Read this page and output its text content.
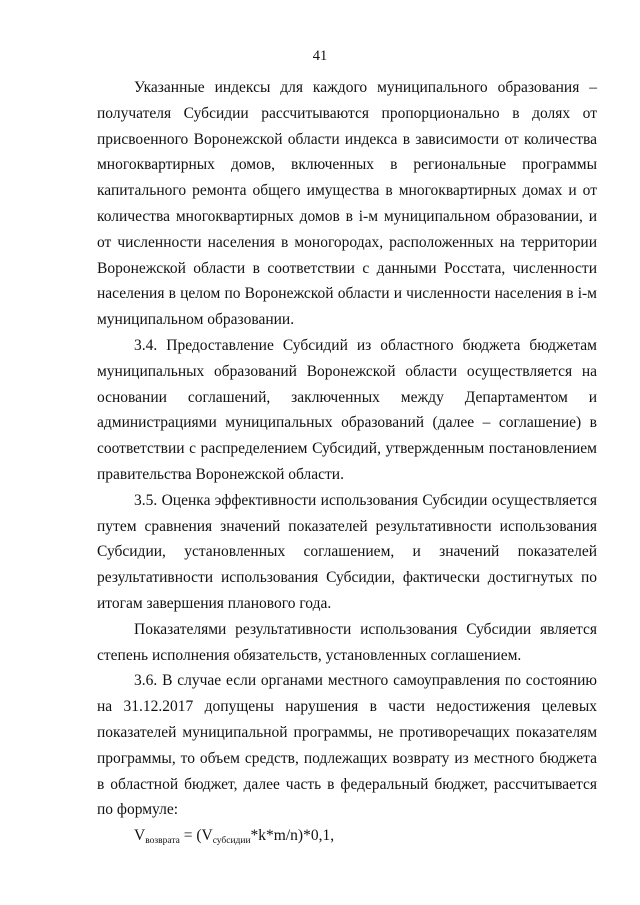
41

Указанные индексы для каждого муниципального образования – получателя Субсидии рассчитываются пропорционально в долях от присвоенного Воронежской области индекса в зависимости от количества многоквартирных домов, включенных в региональные программы капитального ремонта общего имущества в многоквартирных домах и от количества многоквартирных домов в i-м муниципальном образовании, и от численности населения в моногородах, расположенных на территории Воронежской области в соответствии с данными Росстата, численности населения в целом по Воронежской области и численности населения в i-м муниципальном образовании.

3.4. Предоставление Субсидий из областного бюджета бюджетам муниципальных образований Воронежской области осуществляется на основании соглашений, заключенных между Департаментом и администрациями муниципальных образований (далее – соглашение) в соответствии с распределением Субсидий, утвержденным постановлением правительства Воронежской области.

3.5. Оценка эффективности использования Субсидии осуществляется путем сравнения значений показателей результативности использования Субсидии, установленных соглашением, и значений показателей результативности использования Субсидии, фактически достигнутых по итогам завершения планового года.

Показателями результативности использования Субсидии является степень исполнения обязательств, установленных соглашением.

3.6. В случае если органами местного самоуправления по состоянию на 31.12.2017 допущены нарушения в части недостижения целевых показателей муниципальной программы, не противоречащих показателям программы, то объем средств, подлежащих возврату из местного бюджета в областной бюджет, далее часть в федеральный бюджет, рассчитывается по формуле:

$V_{возврата} = (V_{субсидии}*k*m/n)*0,1$,
